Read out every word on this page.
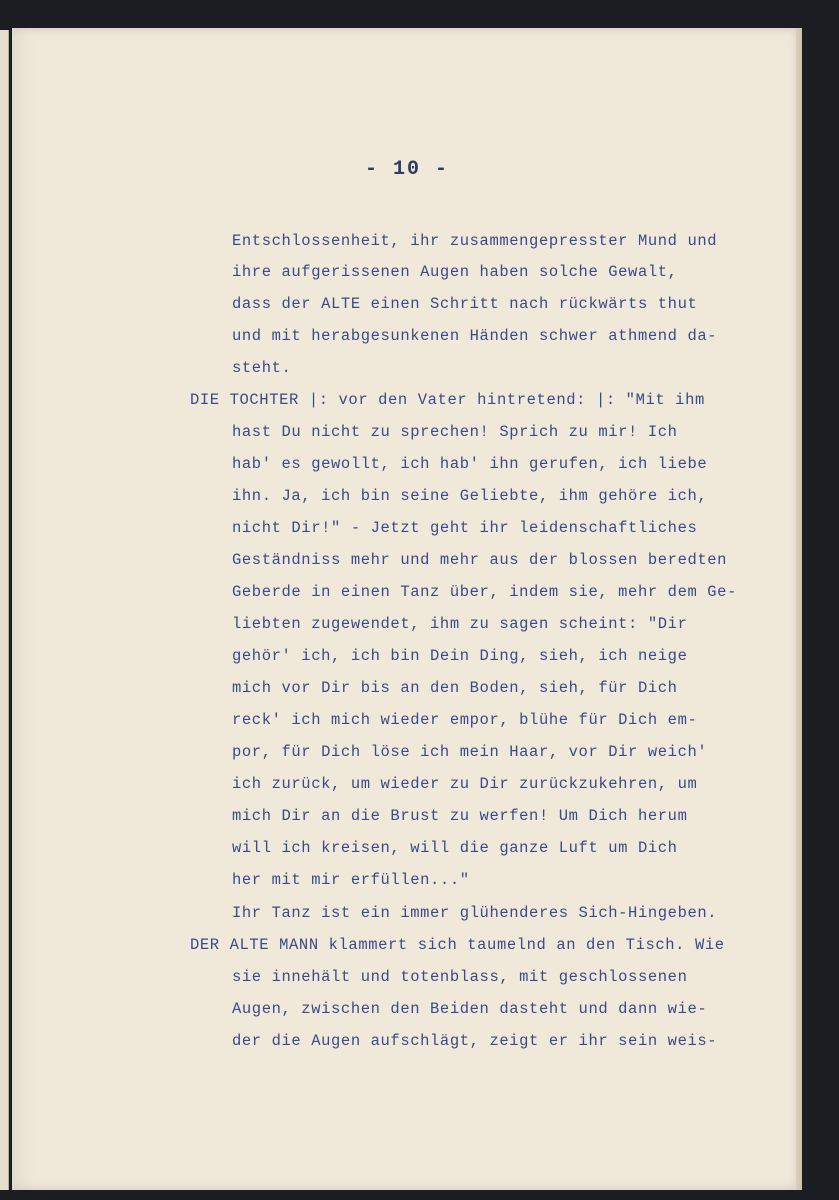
- 10 -
Entschlossenheit, ihr zusammengepresster Mund und
ihre aufgerissenen Augen haben solche Gewalt,
dass der ALTE einen Schritt nach rückwärts thut
und mit herabgesunkenen Händen schwer athmend da-
steht.
DIE TOCHTER |: vor den Vater hintretend: |: "Mit ihm
hast Du nicht zu sprechen! Sprich zu mir! Ich
hab' es gewollt, ich hab' ihn gerufen, ich liebe
ihn. Ja, ich bin seine Geliebte, ihm gehöre ich,
nicht Dir!" - Jetzt geht ihr leidenschaftliches
Geständniss mehr und mehr aus der blossen beredten
Geberde in einen Tanz über, indem sie, mehr dem Ge-
liebten zugewendet, ihm zu sagen scheint: "Dir
gehör' ich, ich bin Dein Ding, sieh, ich neige
mich vor Dir bis an den Boden, sieh, für Dich
reck' ich mich wieder empor, blühe für Dich em-
por, für Dich löse ich mein Haar, vor Dir weich'
ich zurück, um wieder zu Dir zurückzukehren, um
mich Dir an die Brust zu werfen! Um Dich herum
will ich kreisen, will die ganze Luft um Dich
her mit mir erfüllen..."
Ihr Tanz ist ein immer glühenderes Sich-Hingeben.
DER ALTE MANN klammert sich taumelnd an den Tisch. Wie
sie innehält und totenblass, mit geschlossenen
Augen, zwischen den Beiden dasteht und dann wie-
der die Augen aufschlägt, zeigt er ihr sein weis-
